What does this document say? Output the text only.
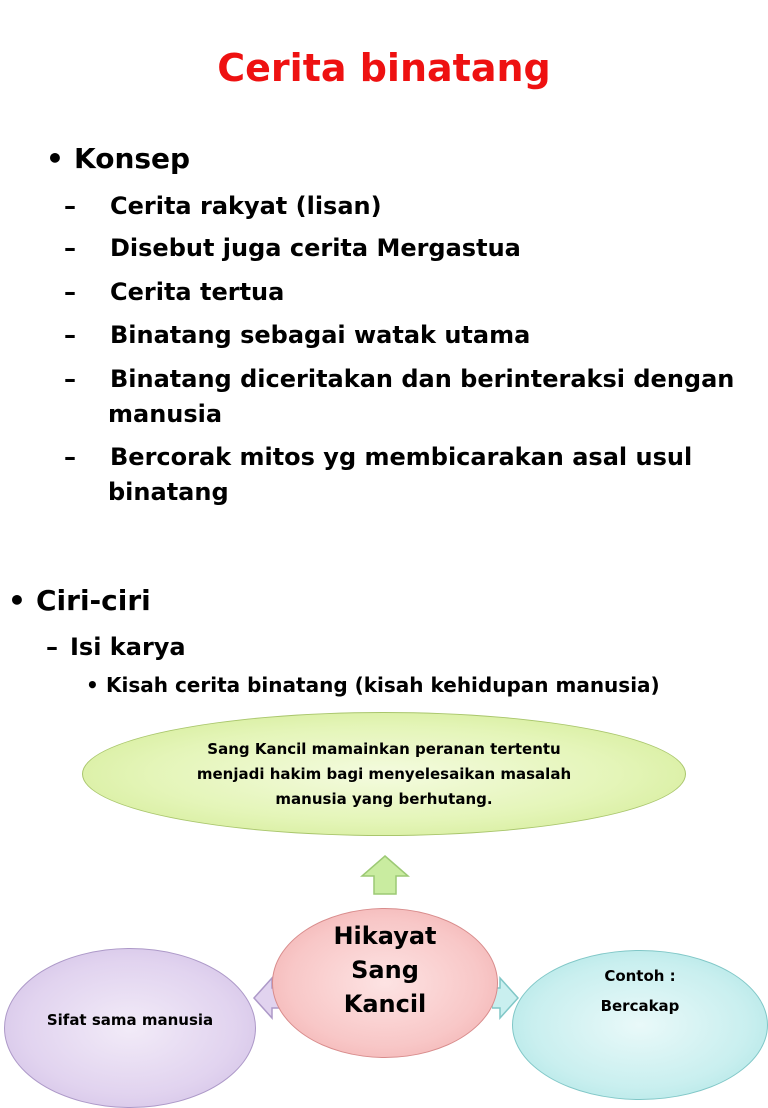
Cerita binatang
• Konsep
– Cerita rakyat (lisan)
– Disebut juga cerita Mergastua
– Cerita tertua
– Binatang sebagai watak utama
– Binatang diceritakan dan berinteraksi dengan manusia
– Bercorak mitos yg membicarakan asal usul binatang
• Ciri-ciri
– Isi karya
• Kisah cerita binatang (kisah kehidupan manusia)
Sang Kancil mamainkan peranan tertentu menjadi hakim bagi menyelesaikan masalah manusia yang berhutang.
Sifat sama manusia
Contoh :
Bercakap
Hikayat Sang Kancil
